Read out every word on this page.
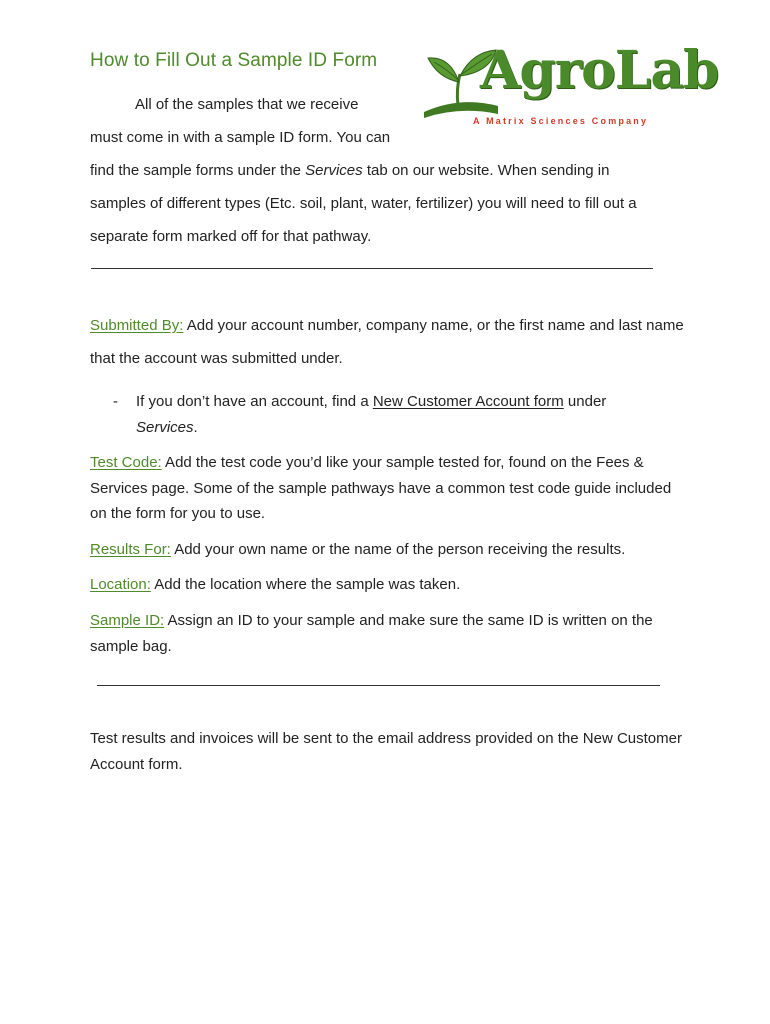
How to Fill Out a Sample ID Form AgroLab
A Matrix Sciences Company
All of the samples that we receive
must come in with a sample ID form. You can
find the sample forms under the Services tab on our website. When sending in
samples of different types (Etc. soil, plant, water, fertilizer) you will need to fill out a
separate form marked off for that pathway.
Submitted By: Add your account number, company name, or the first name and last name that the account was submitted under.
-	If you don’t have an account, find a New Customer Account form under
Services.
Test Code: Add the test code you’d like your sample tested for, found on the Fees & Services page. Some of the sample pathways have a common test code guide included on the form for you to use.
Results For: Add your own name or the name of the person receiving the results.
Location: Add the location where the sample was taken.
Sample ID: Assign an ID to your sample and make sure the same ID is written on the sample bag.
Test results and invoices will be sent to the email address provided on the New Customer Account form.
